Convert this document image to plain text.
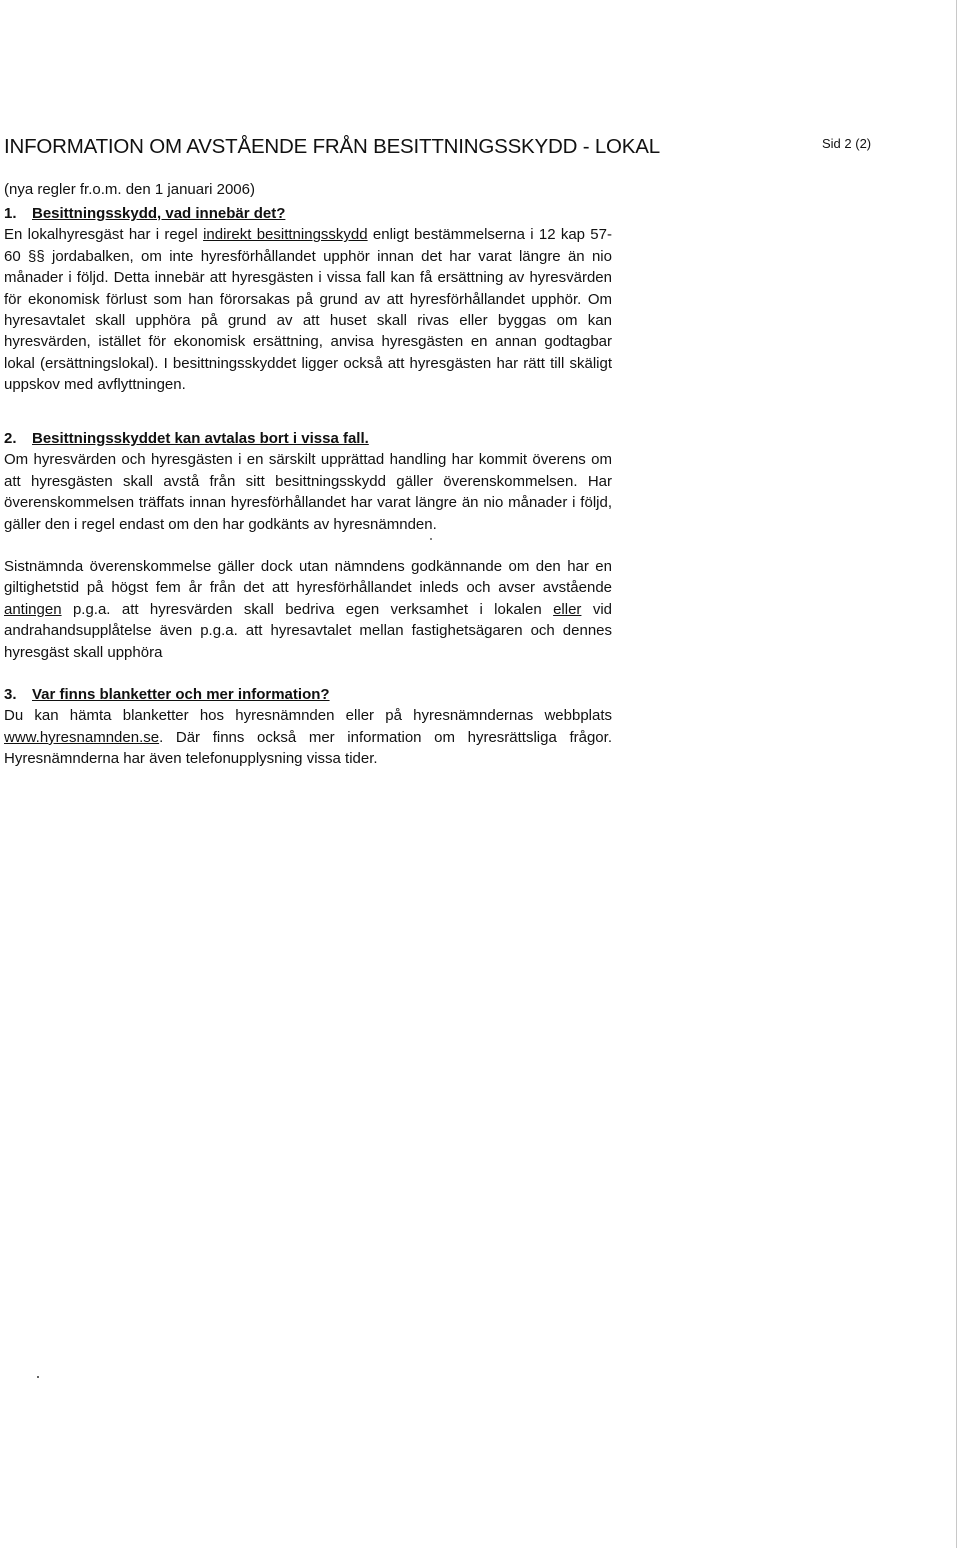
INFORMATION OM AVSTÅENDE FRÅN BESITTNINGSSKYDD - LOKAL	Sid 2 (2)
(nya regler fr.o.m. den 1 januari 2006)
1. Besittningsskydd, vad innebär det?

En lokalhyresgäst har i regel indirekt besittningsskydd enligt bestämmelserna i 12 kap 57-60 §§ jordabalken, om inte hyresförhållandet upphör innan det har varat längre än nio månader i följd. Detta innebär att hyresgästen i vissa fall kan få ersättning av hyresvärden för ekonomisk förlust som han förorsakas på grund av att hyresförhållandet upphör. Om hyresavtalet skall upphöra på grund av att huset skall rivas eller byggas om kan hyresvärden, istället för ekonomisk ersättning, anvisa hyresgästen en annan godtagbar lokal (ersättningslokal). I besittningsskyddet ligger också att hyresgästen har rätt till skäligt uppskov med avflyttningen.

2. Besittningsskyddet kan avtalas bort i vissa fall.

Om hyresvärden och hyresgästen i en särskilt upprättad handling har kommit överens om att hyresgästen skall avstå från sitt besittningsskydd gäller överenskommelsen. Har överenskommelsen träffats innan hyresförhållandet har varat längre än nio månader i följd, gäller den i regel endast om den har godkänts av hyresnämnden.

Sistnämnda överenskommelse gäller dock utan nämndens godkännande om den har en giltighetstid på högst fem år från det att hyresförhållandet inleds och avser avstående antingen p.g.a. att hyresvärden skall bedriva egen verksamhet i lokalen eller vid andrahandsupplåtelse även p.g.a. att hyresavtalet mellan fastighetsägaren och dennes hyresgäst skall upphöra

3. Var finns blanketter och mer information?

Du kan hämta blanketter hos hyresnämnden eller på hyresnämndernas webbplats www.hyresnamnden.se. Där finns också mer information om hyresrättsliga frågor. Hyresnämnderna har även telefonupplysning vissa tider.
